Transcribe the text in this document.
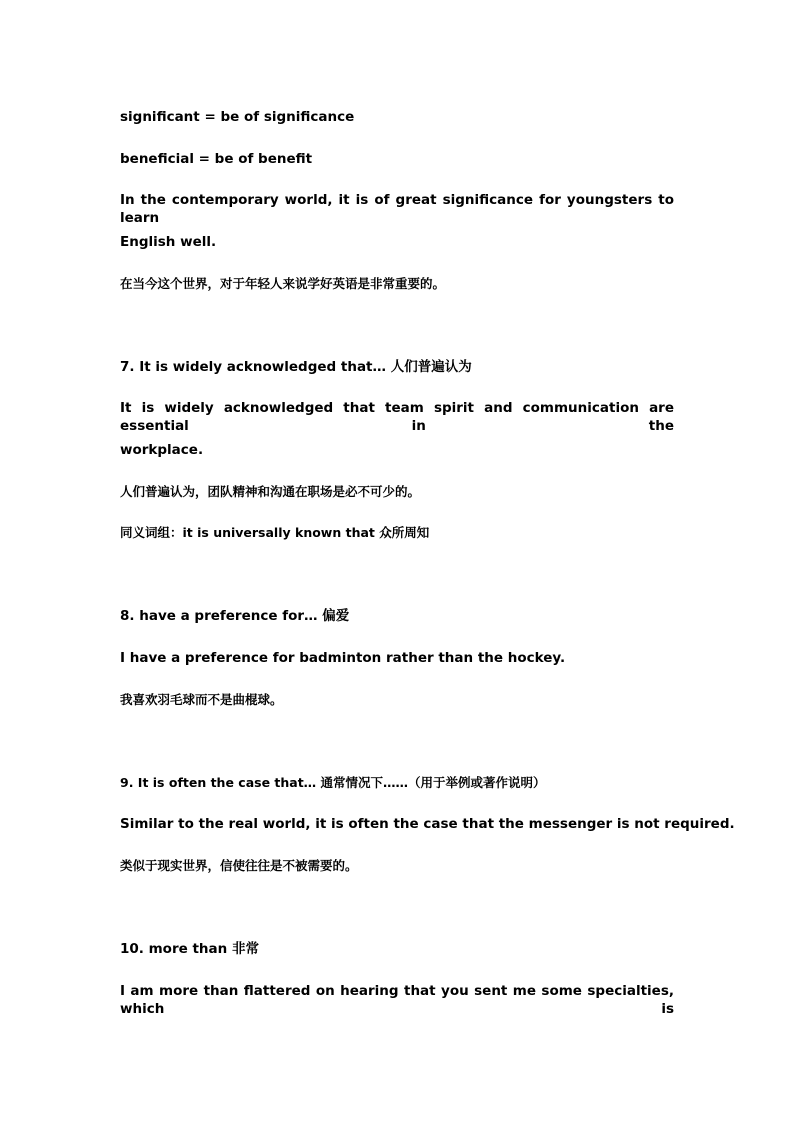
significant = be of significance

beneficial = be of benefit

In the contemporary world, it is of great significance for youngsters to learn

English well.

在当今这个世界，对于年轻人来说学好英语是非常重要的。

7. It is widely acknowledged that… 人们普遍认为

It is widely acknowledged that team spirit and communication are essential in the

workplace.

人们普遍认为，团队精神和沟通在职场是必不可少的。

同义词组：it is universally known that 众所周知

8. have a preference for… 偏爱

I have a preference for badminton rather than the hockey.

我喜欢羽毛球而不是曲棍球。

9. It is often the case that… 通常情况下……（用于举例或著作说明）

Similar to the real world, it is often the case that the messenger is not required.

类似于现实世界，信使往往是不被需要的。

10. more than 非常

I am more than flattered on hearing that you sent me some specialties, which is
